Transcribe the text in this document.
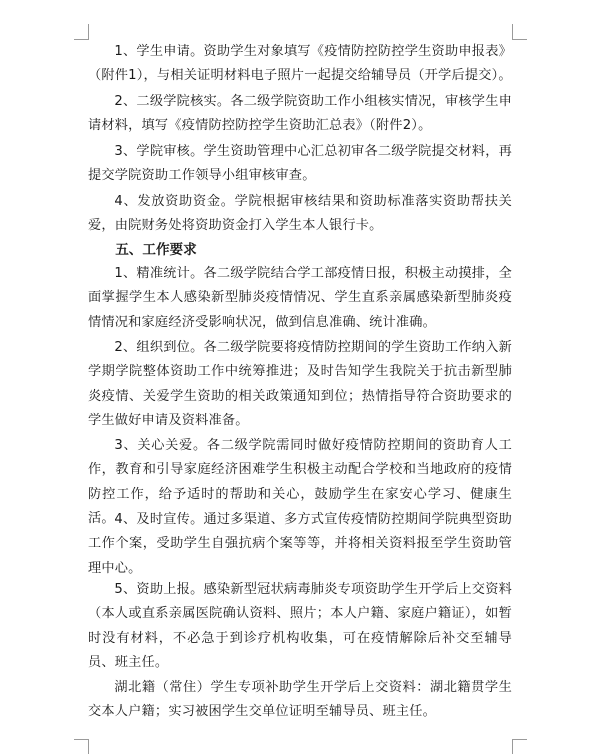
1、学生申请。资助学生对象填写《疫情防控防控学生资助申报表》（附件1），与相关证明材料电子照片一起提交给辅导员（开学后提交）。

2、二级学院核实。各二级学院资助工作小组核实情况，审核学生申请材料，填写《疫情防控防控学生资助汇总表》（附件2）。

3、学院审核。学生资助管理中心汇总初审各二级学院提交材料，再提交学院资助工作领导小组审核审查。

4、发放资助资金。学院根据审核结果和资助标准落实资助帮扶关爱，由院财务处将资助资金打入学生本人银行卡。

五、工作要求

1、精准统计。各二级学院结合学工部疫情日报，积极主动摸排，全面掌握学生本人感染新型肺炎疫情情况、学生直系亲属感染新型肺炎疫情情况和家庭经济受影响状况，做到信息准确、统计准确。

2、组织到位。各二级学院要将疫情防控期间的学生资助工作纳入新学期学院整体资助工作中统筹推进；及时告知学生我院关于抗击新型肺炎疫情、关爱学生资助的相关政策通知到位；热情指导符合资助要求的学生做好申请及资料准备。

3、关心关爱。各二级学院需同时做好疫情防控期间的资助育人工作，教育和引导家庭经济困难学生积极主动配合学校和当地政府的疫情防控工作，给予适时的帮助和关心，鼓励学生在家安心学习、健康生活。 4、及时宣传。通过多渠道、多方式宣传疫情防控期间学院典型资助工作个案，受助学生自强抗病个案等等，并将相关资料报至学生资助管理中心。

5、资助上报。感染新型冠状病毒肺炎专项资助学生开学后上交资料（本人或直系亲属医院确认资料、照片；本人户籍、家庭户籍证），如暂时没有材料，不必急于到诊疗机构收集，可在疫情解除后补交至辅导员、班主任。

湖北籍（常住）学生专项补助学生开学后上交资料：湖北籍贯学生交本人户籍；实习被困学生交单位证明至辅导员、班主任。
